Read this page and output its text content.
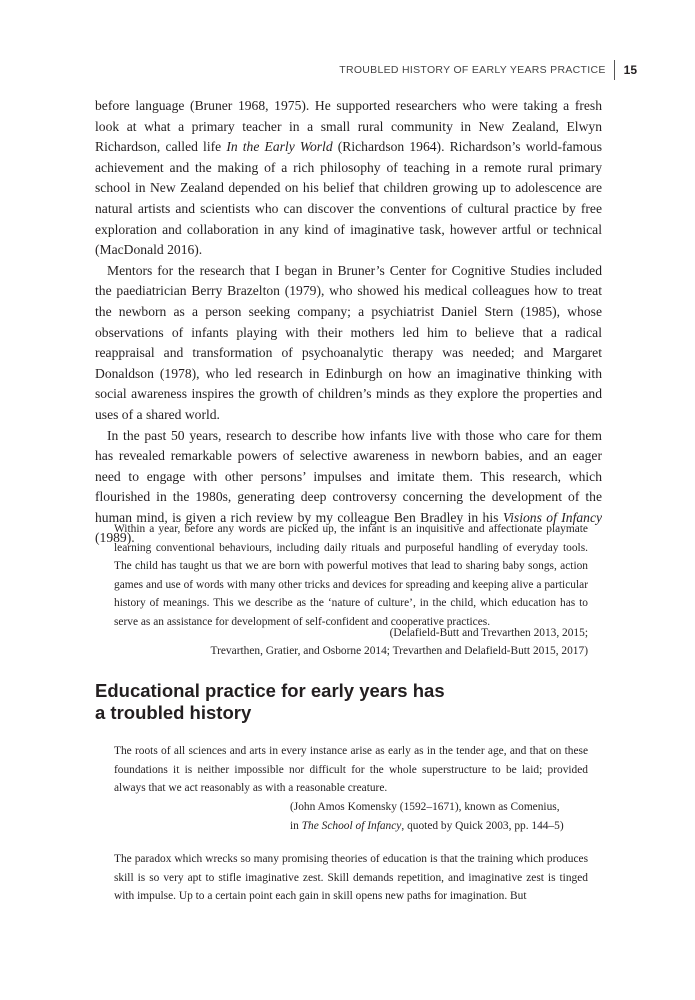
TROUBLED HISTORY OF EARLY YEARS PRACTICE 15

before language (Bruner 1968, 1975). He supported researchers who were taking a fresh look at what a primary teacher in a small rural community in New Zealand, Elwyn Richardson, called life In the Early World (Richardson 1964). Richardson’s world-famous achievement and the making of a rich philosophy of teaching in a remote rural primary school in New Zealand depended on his belief that children growing up to adolescence are natural artists and scientists who can discover the conventions of cultural practice by free exploration and collaboration in any kind of imaginative task, however artful or technical (MacDonald 2016).

Mentors for the research that I began in Bruner’s Center for Cognitive Studies included the paediatrician Berry Brazelton (1979), who showed his medical colleagues how to treat the newborn as a person seeking company; a psychiatrist Daniel Stern (1985), whose observations of infants playing with their mothers led him to believe that a radical reappraisal and transformation of psychoanalytic therapy was needed; and Margaret Donaldson (1978), who led research in Edinburgh on how an imaginative thinking with social awareness inspires the growth of children’s minds as they explore the properties and uses of a shared world.

In the past 50 years, research to describe how infants live with those who care for them has revealed remarkable powers of selective awareness in newborn babies, and an eager need to engage with other persons’ impulses and imitate them. This research, which flourished in the 1980s, generating deep controversy concerning the development of the human mind, is given a rich review by my colleague Ben Bradley in his Visions of Infancy (1989).

Within a year, before any words are picked up, the infant is an inquisitive and affectionate playmate learning conventional behaviours, including daily rituals and purposeful handling of everyday tools. The child has taught us that we are born with powerful motives that lead to sharing baby songs, action games and use of words with many other tricks and devices for spreading and keeping alive a particular history of meanings. This we describe as the ‘nature of culture’, in the child, which education has to serve as an assistance for development of self-confident and cooperative practices.

(Delafield-Butt and Trevarthen 2013, 2015;

Trevarthen, Gratier, and Osborne 2014; Trevarthen and Delafield-Butt 2015, 2017)

Educational practice for early years has
a troubled history

The roots of all sciences and arts in every instance arise as early as in the tender age, and that on these foundations it is neither impossible nor difficult for the whole superstructure to be laid; provided always that we act reasonably as with a reasonable creature.

(John Amos Komensky (1592–1671), known as Comenius,

in The School of Infancy, quoted by Quick 2003, pp. 144–5)

The paradox which wrecks so many promising theories of education is that the training which produces skill is so very apt to stifle imaginative zest. Skill demands repetition, and imaginative zest is tinged with impulse. Up to a certain point each gain in skill opens new paths for imagination. But
